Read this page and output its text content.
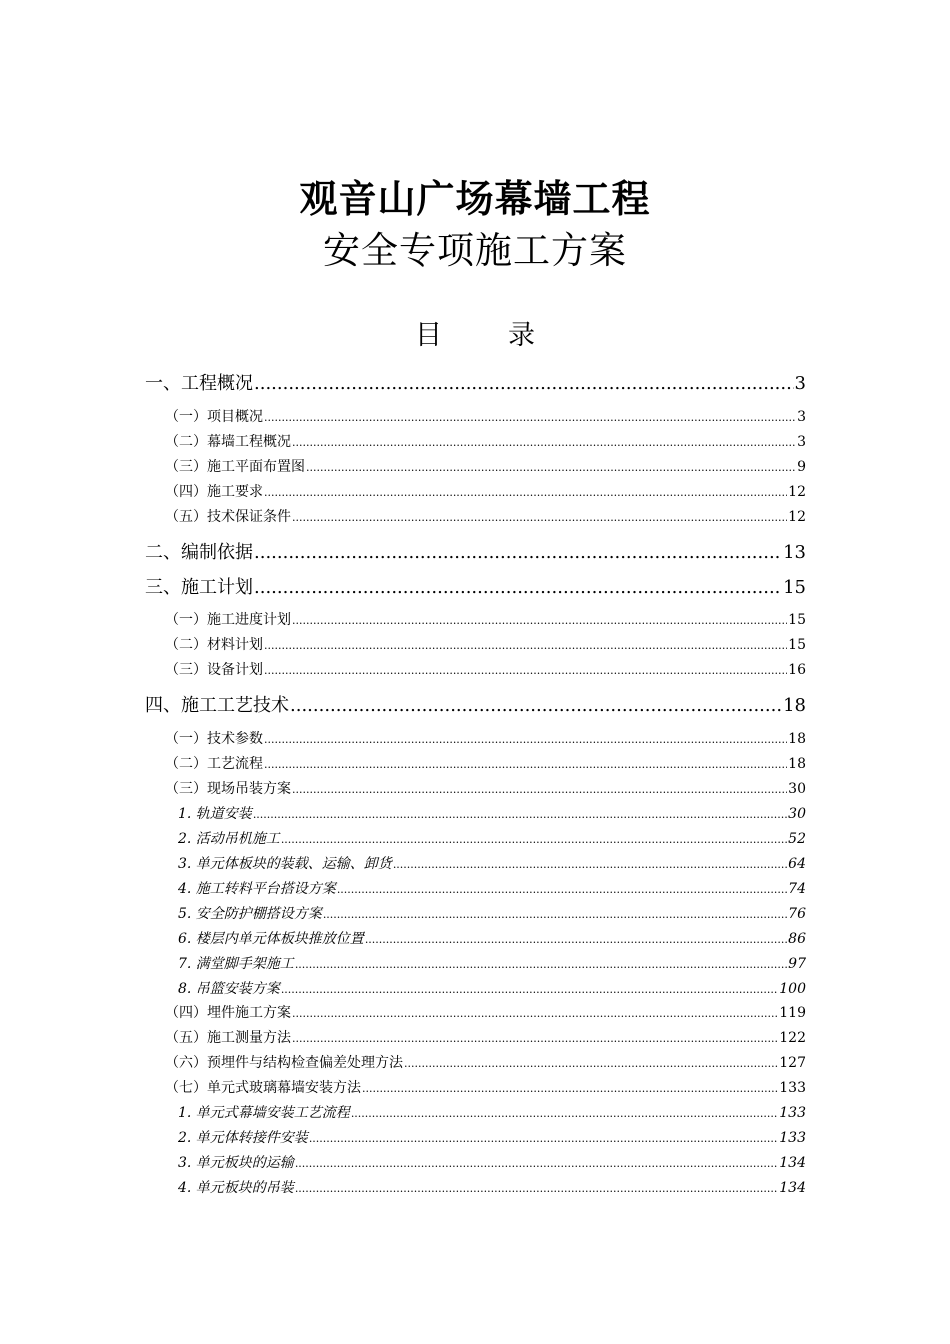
观音山广场幕墙工程
安全专项施工方案
目 录
一、工程概况 .....	3
（一）项目概况 .....	3
（二）幕墙工程概况 .....	3
（三）施工平面布置图 .....	9
（四）施工要求 .....	12
（五）技术保证条件 .....	12
二、编制依据 .....	13
三、施工计划 .....	15
（一）施工进度计划 .....	15
（二）材料计划 .....	15
（三）设备计划 .....	16
四、施工工艺技术 .....	18
（一）技术参数 .....	18
（二）工艺流程 .....	18
（三）现场吊装方案 .....	30
1. 轨道安装 .....	30
2. 活动吊机施工 .....	52
3. 单元体板块的装载、运输、卸货 .....	64
4. 施工转料平台搭设方案 .....	74
5. 安全防护棚搭设方案 .....	76
6. 楼层内单元体板块推放位置 .....	86
7. 满堂脚手架施工 .....	97
8. 吊篮安装方案 .....	100
（四）埋件施工方案 .....	119
（五）施工测量方法 .....	122
（六）预埋件与结构检查偏差处理方法 .....	127
（七）单元式玻璃幕墙安装方法 .....	133
1. 单元式幕墙安装工艺流程 .....	133
2. 单元体转接件安装 .....	133
3. 单元板块的运输 .....	134
4. 单元板块的吊装 .....	134
